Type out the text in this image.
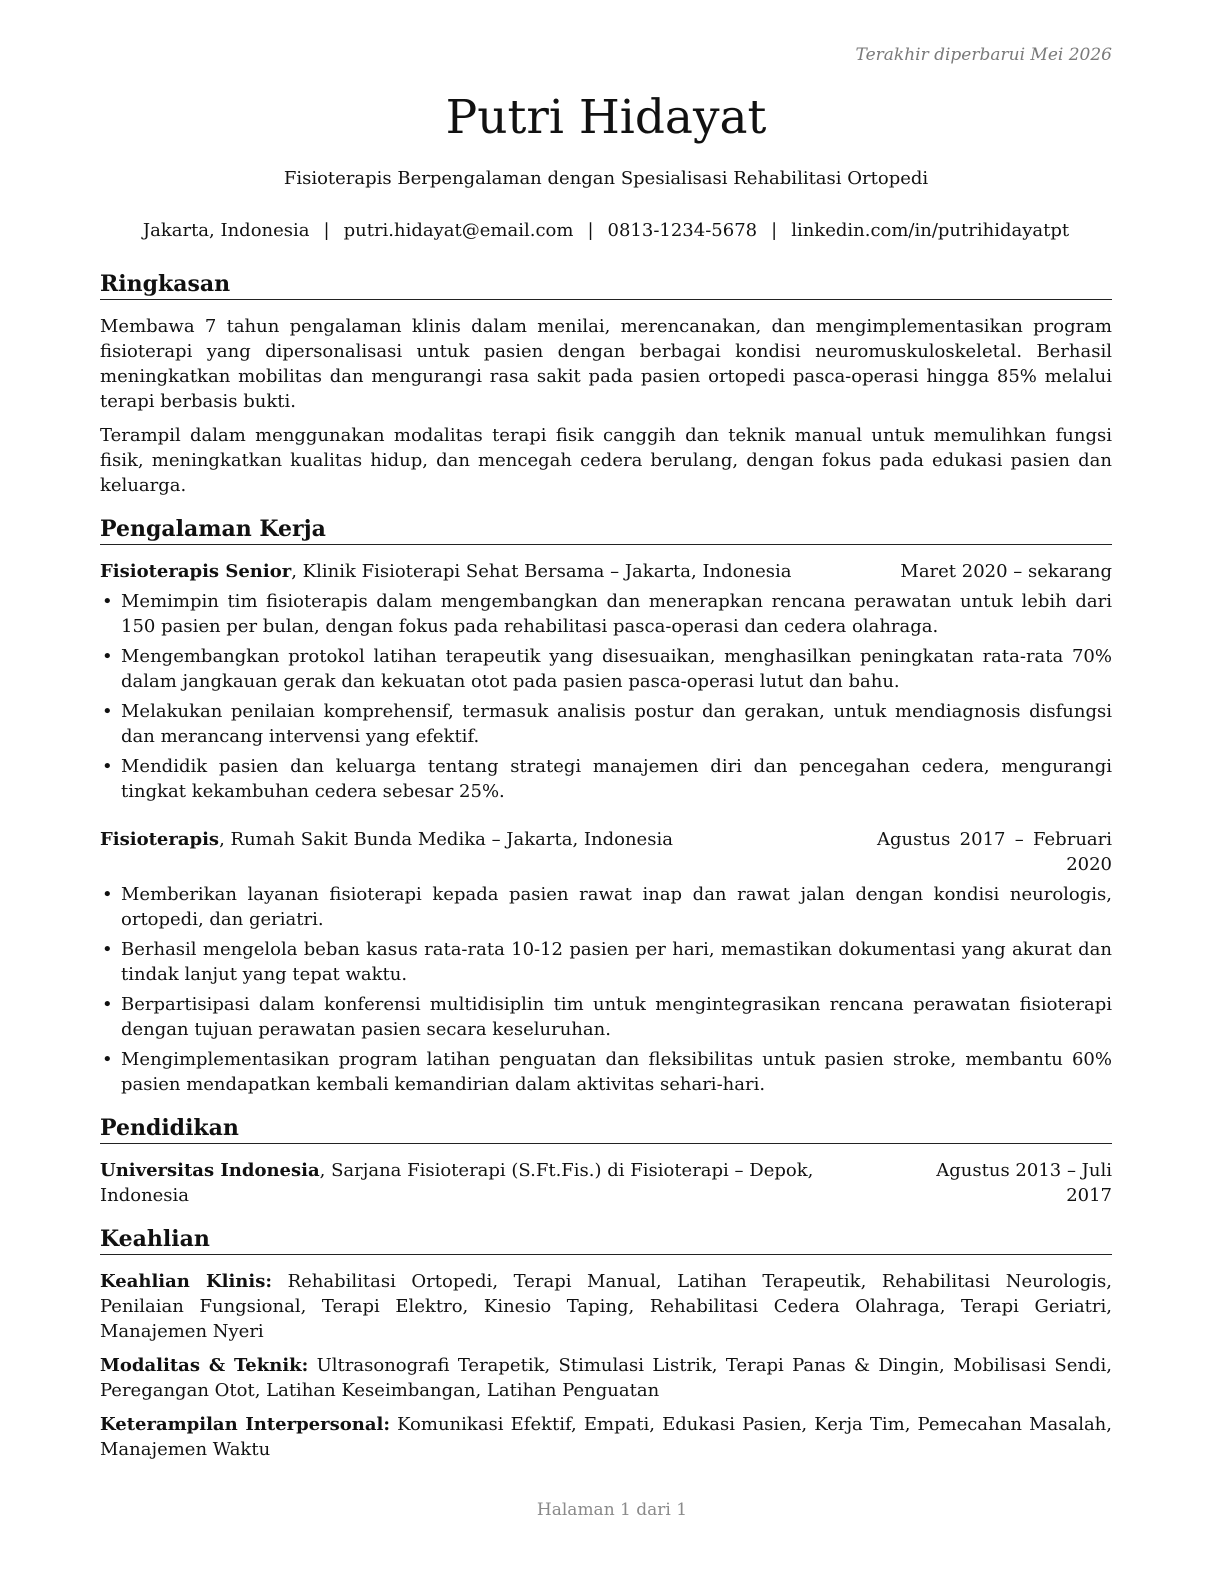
Terakhir diperbarui Mei 2026
Putri Hidayat
Fisioterapis Berpengalaman dengan Spesialisasi Rehabilitasi Ortopedi
Jakarta, Indonesia | putri.hidayat@email.com | 0813-1234-5678 | linkedin.com/in/putrihidayatpt
Ringkasan

Membawa 7 tahun pengalaman klinis dalam menilai, merencanakan, dan mengimplementasikan program fisioterapi yang dipersonalisasi untuk pasien dengan berbagai kondisi neuromuskuloskeletal. Berhasil meningkatkan mobilitas dan mengurangi rasa sakit pada pasien ortopedi pasca-operasi hingga 85% melalui terapi berbasis bukti.

Terampil dalam menggunakan modalitas terapi fisik canggih dan teknik manual untuk memulihkan fungsi fisik, meningkatkan kualitas hidup, dan mencegah cedera berulang, dengan fokus pada edukasi pasien dan keluarga.

Pengalaman Kerja
Fisioterapis Senior, Klinik Fisioterapi Sehat Bersama – Jakarta, Indonesia	Maret 2020 – sekarang
• Memimpin tim fisioterapis dalam mengembangkan dan menerapkan rencana perawatan untuk lebih dari 150 pasien per bulan, dengan fokus pada rehabilitasi pasca-operasi dan cedera olahraga.
• Mengembangkan protokol latihan terapeutik yang disesuaikan, menghasilkan peningkatan rata-rata 70% dalam jangkauan gerak dan kekuatan otot pada pasien pasca-operasi lutut dan bahu.
• Melakukan penilaian komprehensif, termasuk analisis postur dan gerakan, untuk mendiagnosis disfungsi dan merancang intervensi yang efektif.
• Mendidik pasien dan keluarga tentang strategi manajemen diri dan pencegahan cedera, mengurangi tingkat kekambuhan cedera sebesar 25%.
Fisioterapis, Rumah Sakit Bunda Medika – Jakarta, Indonesia	Agustus 2017 – Februari 2020
• Memberikan layanan fisioterapi kepada pasien rawat inap dan rawat jalan dengan kondisi neurologis, ortopedi, dan geriatri.
• Berhasil mengelola beban kasus rata-rata 10-12 pasien per hari, memastikan dokumentasi yang akurat dan tindak lanjut yang tepat waktu.
• Berpartisipasi dalam konferensi multidisiplin tim untuk mengintegrasikan rencana perawatan fisioterapi dengan tujuan perawatan pasien secara keseluruhan.
• Mengimplementasikan program latihan penguatan dan fleksibilitas untuk pasien stroke, membantu 60% pasien mendapatkan kembali kemandirian dalam aktivitas sehari-hari.
Pendidikan
Universitas Indonesia, Sarjana Fisioterapi (S.Ft.Fis.) di Fisioterapi – Depok, Indonesia
Agustus 2013 – Juli 2017
Keahlian

Keahlian Klinis: Rehabilitasi Ortopedi, Terapi Manual, Latihan Terapeutik, Rehabilitasi Neurologis, Penilaian Fungsional, Terapi Elektro, Kinesio Taping, Rehabilitasi Cedera Olahraga, Terapi Geriatri, Manajemen Nyeri

Modalitas & Teknik: Ultrasonografi Terapetik, Stimulasi Listrik, Terapi Panas & Dingin, Mobilisasi Sendi, Peregangan Otot, Latihan Keseimbangan, Latihan Penguatan

Keterampilan Interpersonal: Komunikasi Efektif, Empati, Edukasi Pasien, Kerja Tim, Pemecahan Masalah, Manajemen Waktu

Halaman 1 dari 1
